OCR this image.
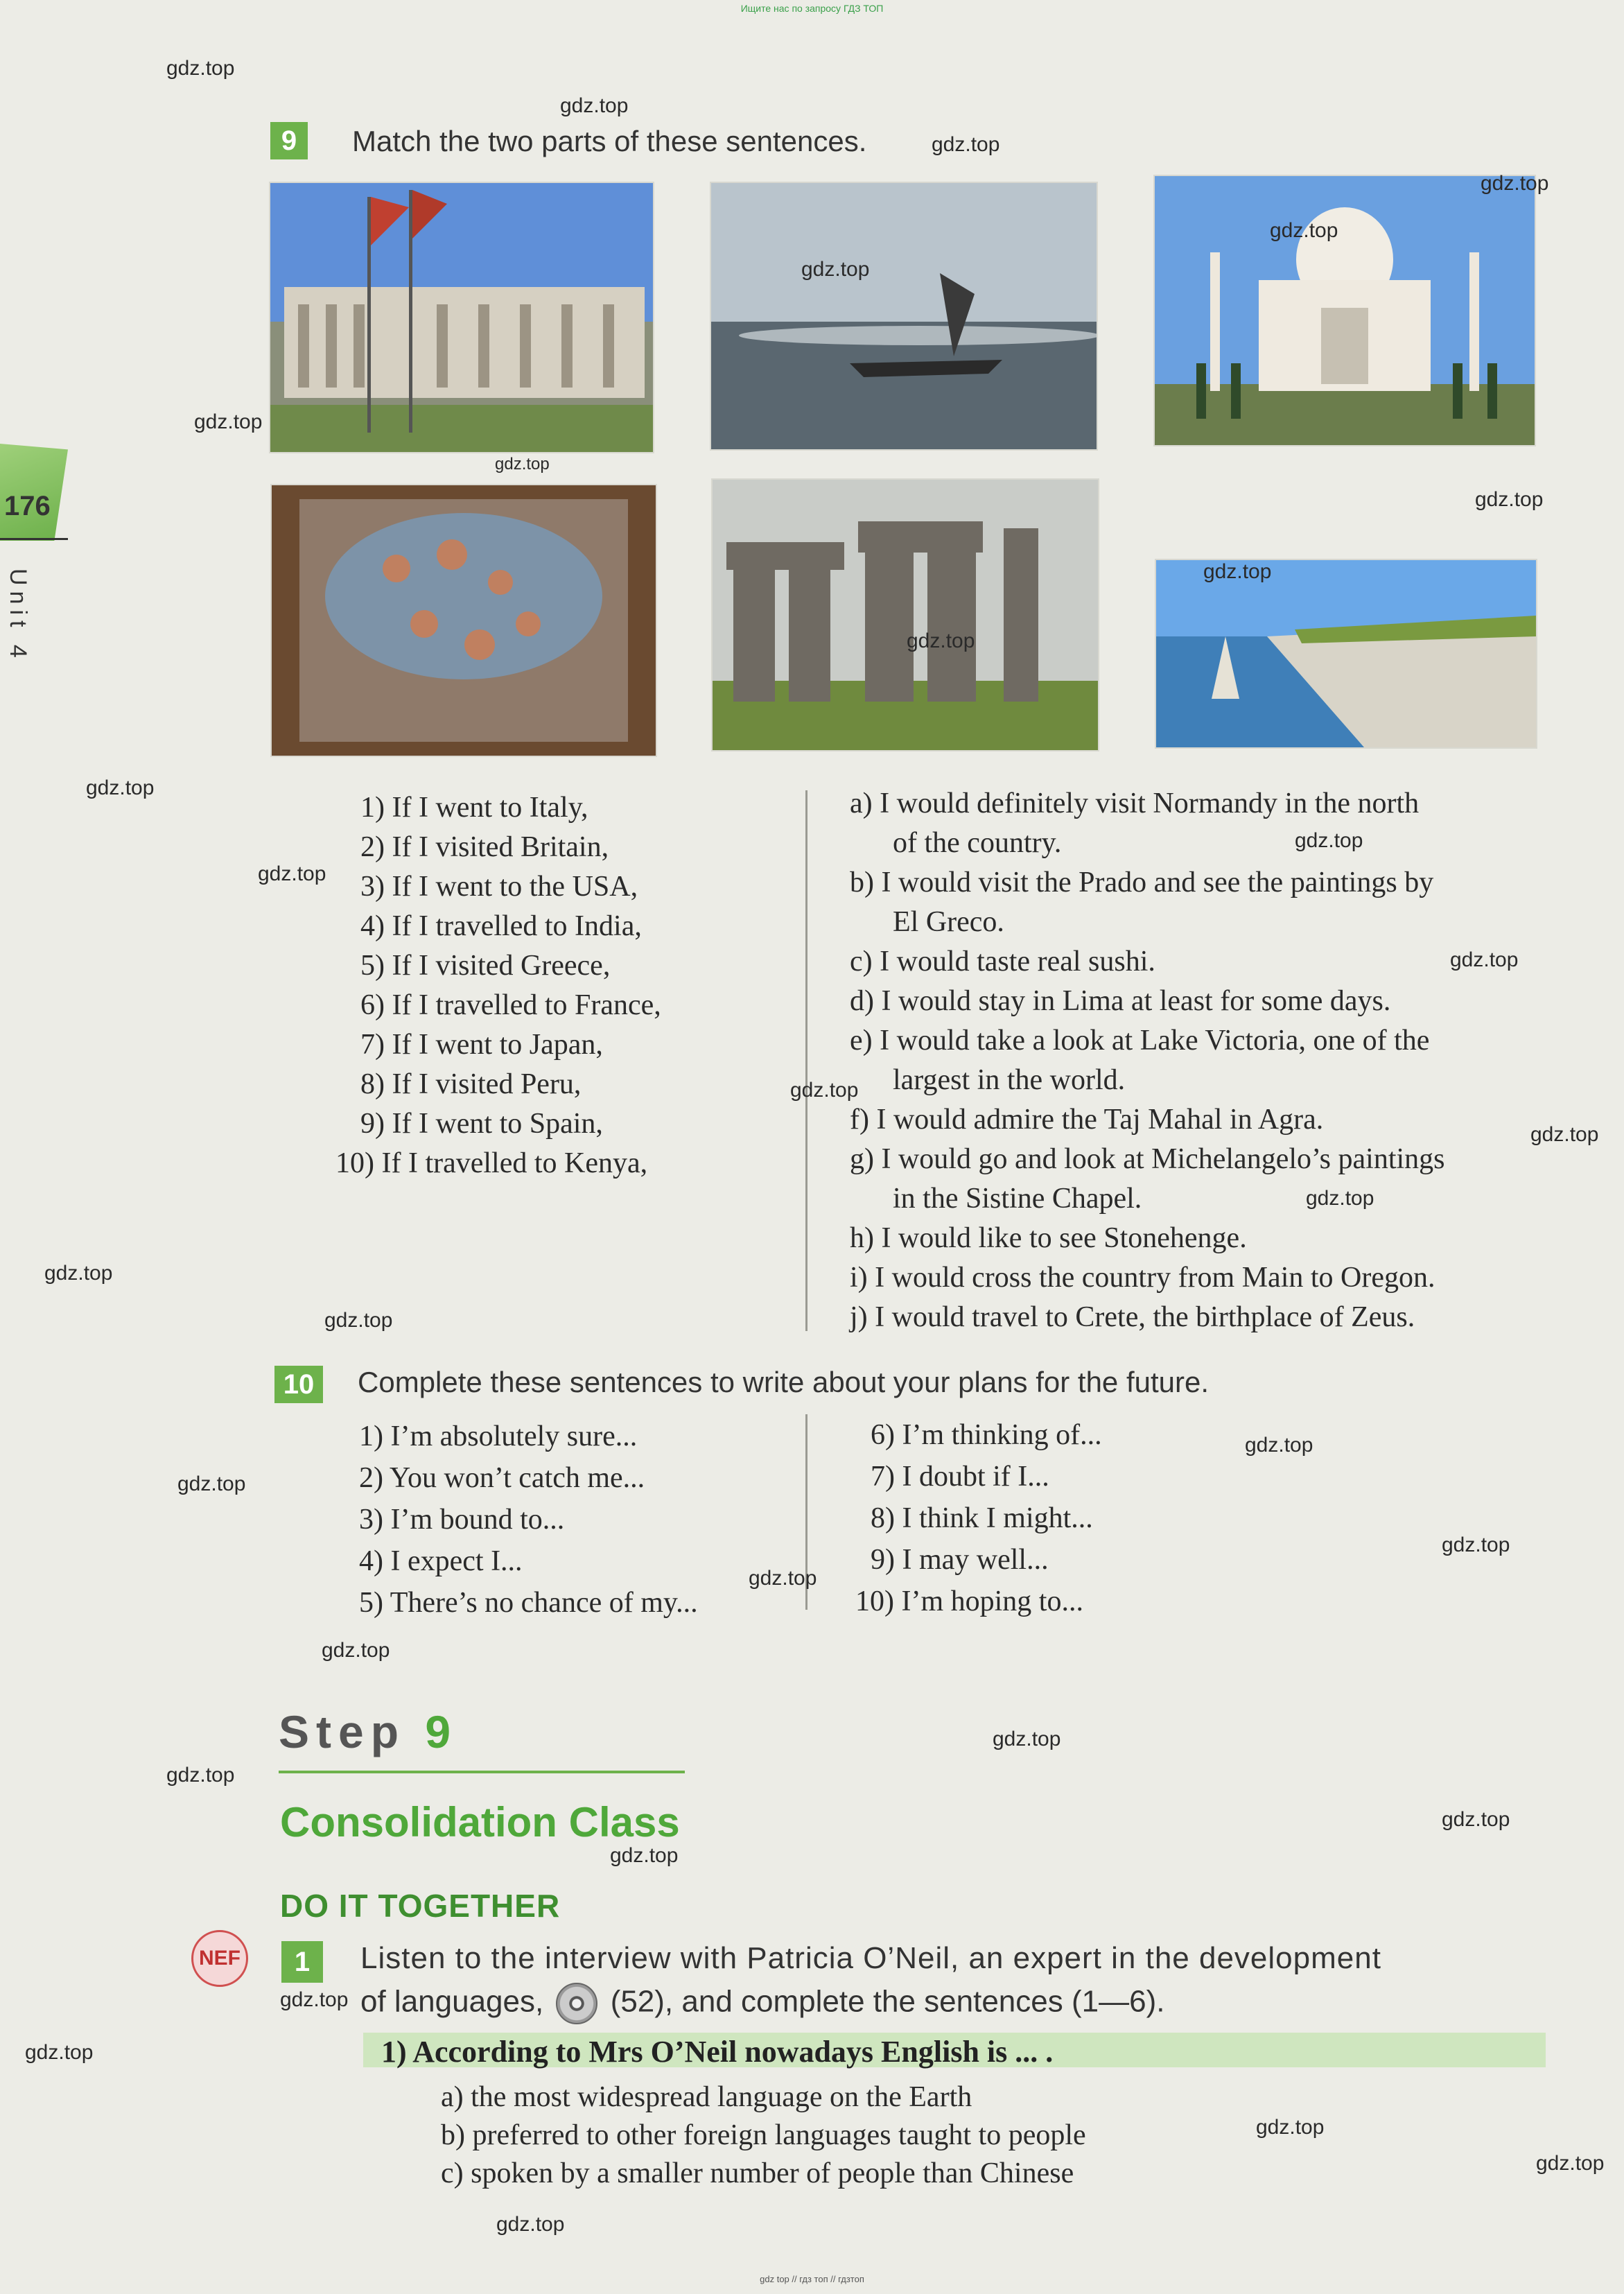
Ищите нас по запросу ГДЗ ТОП
gdz top // гдз топ // гдзтоп
176
Unit 4
9	Match the two parts of these sentences.
1) If I went to Italy,
2) If I visited Britain,
3) If I went to the USA,
4) If I travelled to India,
5) If I visited Greece,
6) If I travelled to France,
7) If I went to Japan,
8) If I visited Peru,
9) If I went to Spain,
10) If I travelled to Kenya,
a) I would definitely visit Normandy in the north
of the country.
b) I would visit the Prado and see the paintings by
El Greco.
c) I would taste real sushi.
d) I would stay in Lima at least for some days.
e) I would take a look at Lake Victoria, one of the
largest in the world.
f) I would admire the Taj Mahal in Agra.
g) I would go and look at Michelangelo’s paintings
in the Sistine Chapel.
h) I would like to see Stonehenge.
i) I would cross the country from Main to Oregon.
j) I would travel to Crete, the birthplace of Zeus.
10	Complete these sentences to write about your plans for the future.
1) I’m absolutely sure...
2) You won’t catch me...
3) I’m bound to...
4) I expect I...
5) There’s no chance of my...
6) I’m thinking of...
7) I doubt if I...
8) I think I might...
9) I may well...
10) I’m hoping to...
Step 9
Consolidation Class
DO IT TOGETHER
NEF	1	Listen to the interview with Patricia O’Neil, an expert in the development
of languages, (52), and complete the sentences (1—6).
1) According to Mrs O’Neil nowadays English is ... .
a) the most widespread language on the Earth
b) preferred to other foreign languages taught to people
c) spoken by a smaller number of people than Chinese
gdz.top
gdz.top
gdz.top
gdz.top
gdz.top
gdz.top
gdz.top
gdz.top
gdz.top
gdz.top
gdz.top
gdz.top
gdz.top
gdz.top
gdz.top
gdz.top
gdz.top
gdz.top
gdz.top
gdz.top
gdz.top
gdz.top
gdz.top
gdz.top
gdz.top
gdz.top
gdz.top
gdz.top
gdz.top
gdz.top
gdz.top
gdz.top
gdz.top
gdz.top
